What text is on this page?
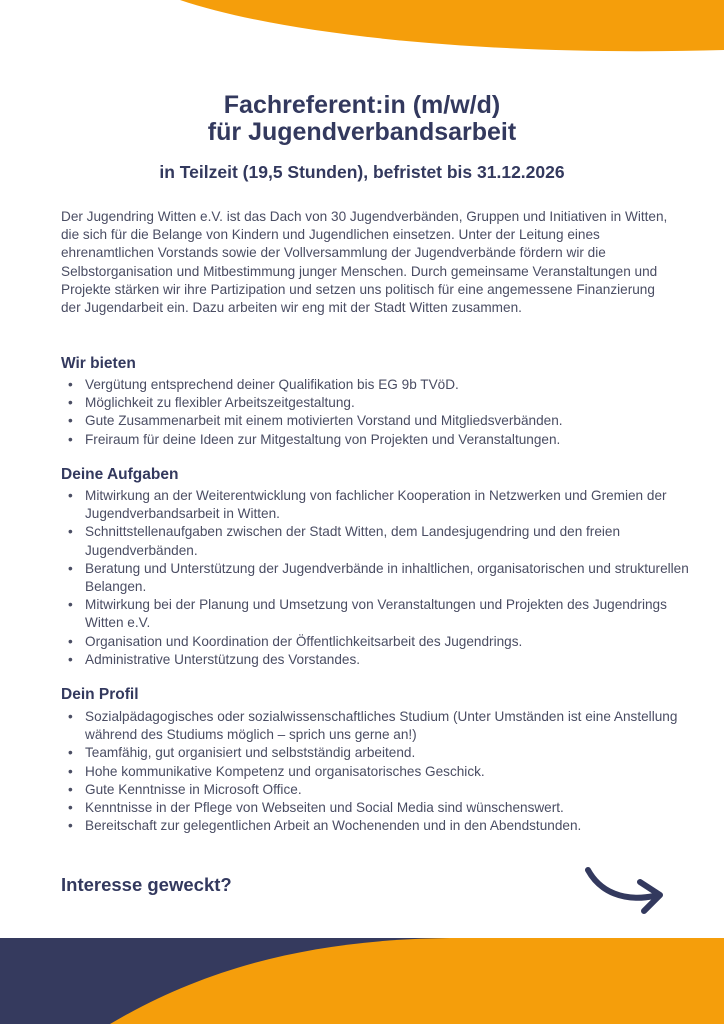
Fachreferent:in (m/w/d)
für Jugendverbandsarbeit
in Teilzeit (19,5 Stunden), befristet bis 31.12.2026

Der Jugendring Witten e.V. ist das Dach von 30 Jugendverbänden, Gruppen und Initiativen in Witten, die sich für die Belange von Kindern und Jugendlichen einsetzen. Unter der Leitung eines ehrenamtlichen Vorstands sowie der Vollversammlung der Jugendverbände fördern wir die Selbstorganisation und Mitbestimmung junger Menschen. Durch gemeinsame Veranstaltungen und Projekte stärken wir ihre Partizipation und setzen uns politisch für eine angemessene Finanzierung der Jugendarbeit ein. Dazu arbeiten wir eng mit der Stadt Witten zusammen.

Wir bieten
• Vergütung entsprechend deiner Qualifikation bis EG 9b TVöD.
• Möglichkeit zu flexibler Arbeitszeitgestaltung.
• Gute Zusammenarbeit mit einem motivierten Vorstand und Mitgliedsverbänden.
• Freiraum für deine Ideen zur Mitgestaltung von Projekten und Veranstaltungen.
Deine Aufgaben
• Mitwirkung an der Weiterentwicklung von fachlicher Kooperation in Netzwerken und Gremien der Jugendverbandsarbeit in Witten.
• Schnittstellenaufgaben zwischen der Stadt Witten, dem Landesjugendring und den freien Jugendverbänden.
• Beratung und Unterstützung der Jugendverbände in inhaltlichen, organisatorischen und strukturellen Belangen.
• Mitwirkung bei der Planung und Umsetzung von Veranstaltungen und Projekten des Jugendrings Witten e.V.
• Organisation und Koordination der Öffentlichkeitsarbeit des Jugendrings.
• Administrative Unterstützung des Vorstandes.
Dein Profil
• Sozialpädagogisches oder sozialwissenschaftliches Studium (Unter Umständen ist eine Anstellung während des Studiums möglich – sprich uns gerne an!)
• Teamfähig, gut organisiert und selbstständig arbeitend.
• Hohe kommunikative Kompetenz und organisatorisches Geschick.
• Gute Kenntnisse in Microsoft Office.
• Kenntnisse in der Pflege von Webseiten und Social Media sind wünschenswert.
• Bereitschaft zur gelegentlichen Arbeit an Wochenenden und in den Abendstunden.
Interesse geweckt?
